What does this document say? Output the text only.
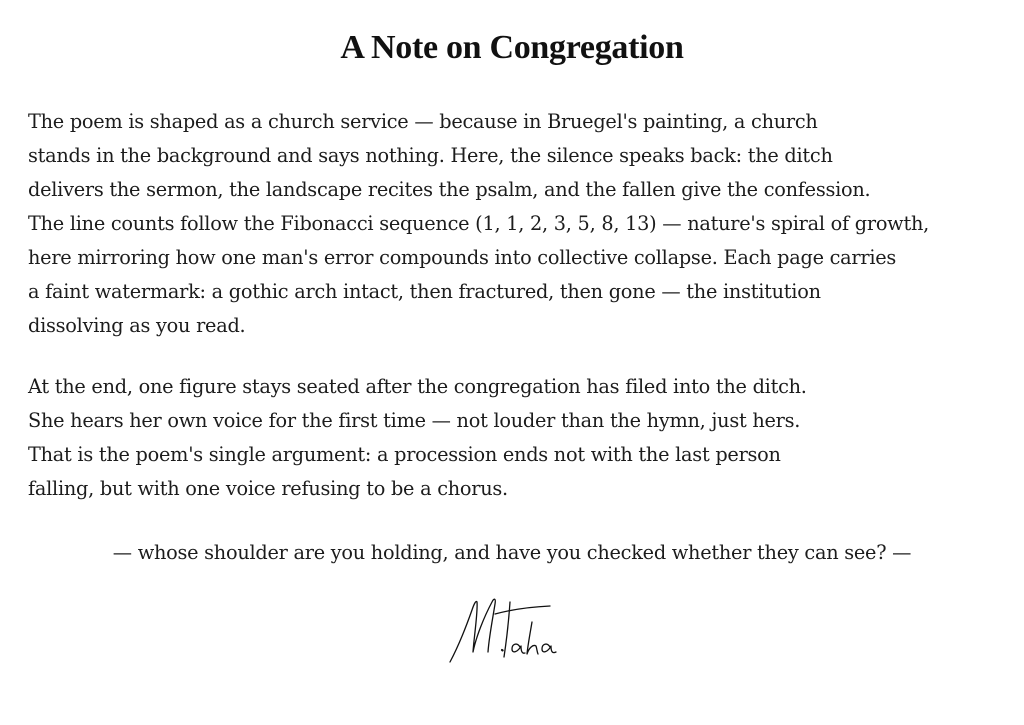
A Note on Congregation

The poem is shaped as a church service — because in Bruegel's painting, a church
stands in the background and says nothing. Here, the silence speaks back: the ditch
delivers the sermon, the landscape recites the psalm, and the fallen give the confession.
The line counts follow the Fibonacci sequence (1, 1, 2, 3, 5, 8, 13) — nature's spiral of growth,
here mirroring how one man's error compounds into collective collapse. Each page carries
a faint watermark: a gothic arch intact, then fractured, then gone — the institution
dissolving as you read.

At the end, one figure stays seated after the congregation has filed into the ditch.
She hears her own voice for the first time — not louder than the hymn, just hers.
That is the poem's single argument: a procession ends not with the last person
falling, but with one voice refusing to be a chorus.

— whose shoulder are you holding, and have you checked whether they can see? —
